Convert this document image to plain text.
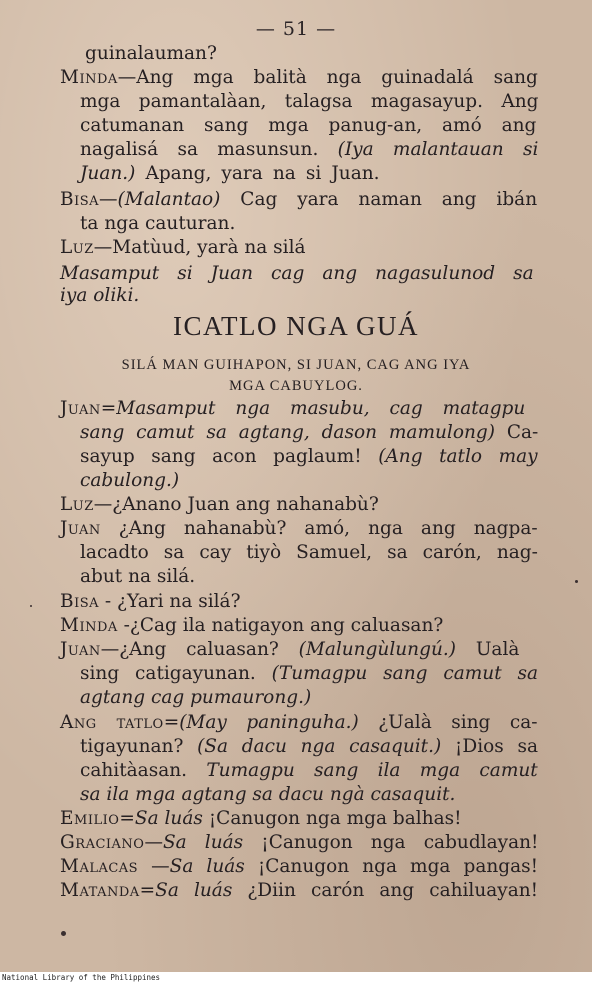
— 51 —
guinalauman?
Minda—Ang mga balità nga guinadalá sang
mga pamantalàan, talagsa magasayup. Ang
catumanan sang mga panug-an, amó ang
nagalisá sa masunsun. (Iya malantauan si
Juan.) Apang, yara na si Juan.
Bisa—(Malantao) Cag yara naman ang ibán
ta nga cauturan.
Luz—Matùud, yarà na silá
Masamput si Juan cag ang nagasulunod sa
iya oliki.
Juan=Masamput nga masubu, cag matagpu
sang camut sa agtang, dason mamulong) Ca-
sayup sang acon paglaum! (Ang tatlo may
cabulong.)
Luz—¿Anano Juan ang nahanabù?
Juan ¿Ang nahanabù? amó, nga ang nagpa-
lacadto sa cay tiyò Samuel, sa carón, nag-
abut na silá.
Bisa - ¿Yari na silá?
Minda -¿Cag ila natigayon ang caluasan?
Juan—¿Ang caluasan? (Malungùlungú.) Ualà
sing catigayunan. (Tumagpu sang camut sa
agtang cag pumaurong.)
Ang tatlo=(May paninguha.) ¿Ualà sing ca-
tigayunan? (Sa dacu nga casaquit.) ¡Dios sa
cahitàasan. Tumagpu sang ila mga camut
sa ila mga agtang sa dacu ngà casaquit.
Emilio=Sa luás ¡Canugon nga mga balhas!
Graciano—Sa luás ¡Canugon nga cabudlayan!
Malacas —Sa luás ¡Canugon nga mga pangas!
Matanda=Sa luás ¿Diin carón ang cahiluayan!
ICATLO NGA GUÁ
SILÁ MAN GUIHAPON, SI JUAN, CAG ANG IYA
MGA CABUYLOG.
National Library of the Philippines
